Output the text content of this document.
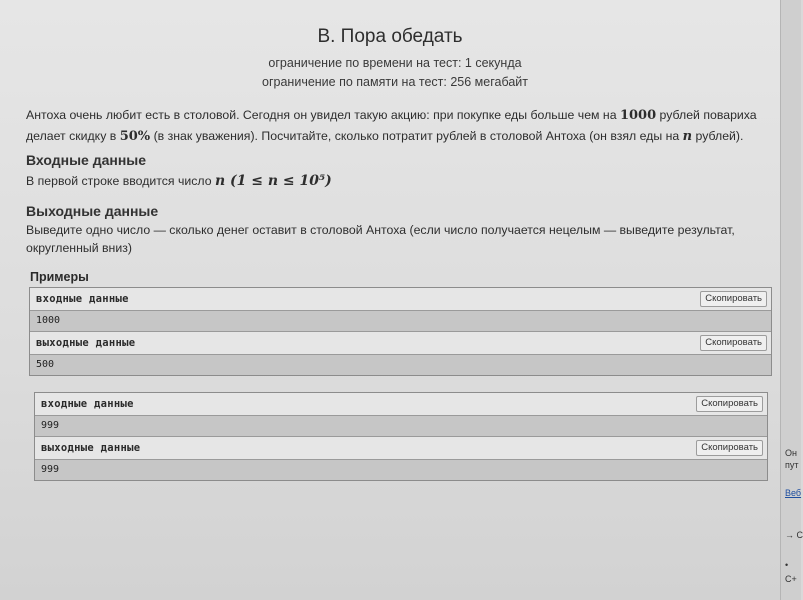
B. Пора обедать
ограничение по времени на тест: 1 секунда
ограничение по памяти на тест: 256 мегабайт
Антоха очень любит есть в столовой. Сегодня он увидел такую акцию: при покупке еды больше чем на 1000 рублей повариха делает скидку в 50% (в знак уважения). Посчитайте, сколько потратит рублей в столовой Антоха (он взял еды на n рублей).
Входные данные
В первой строке вводится число n (1 ≤ n ≤ 10⁵)
Выходные данные
Выведите одно число — сколько денег оставит в столовой Антоха (если число получается нецелым — выведите результат, округленный вниз)
Примеры
входные данные	Скопировать
1000
выходные данные	Скопировать
500
входные данные	Скопировать
999
выходные данные	Скопировать
999
Он
пут
Веб
→ С
•
C+
